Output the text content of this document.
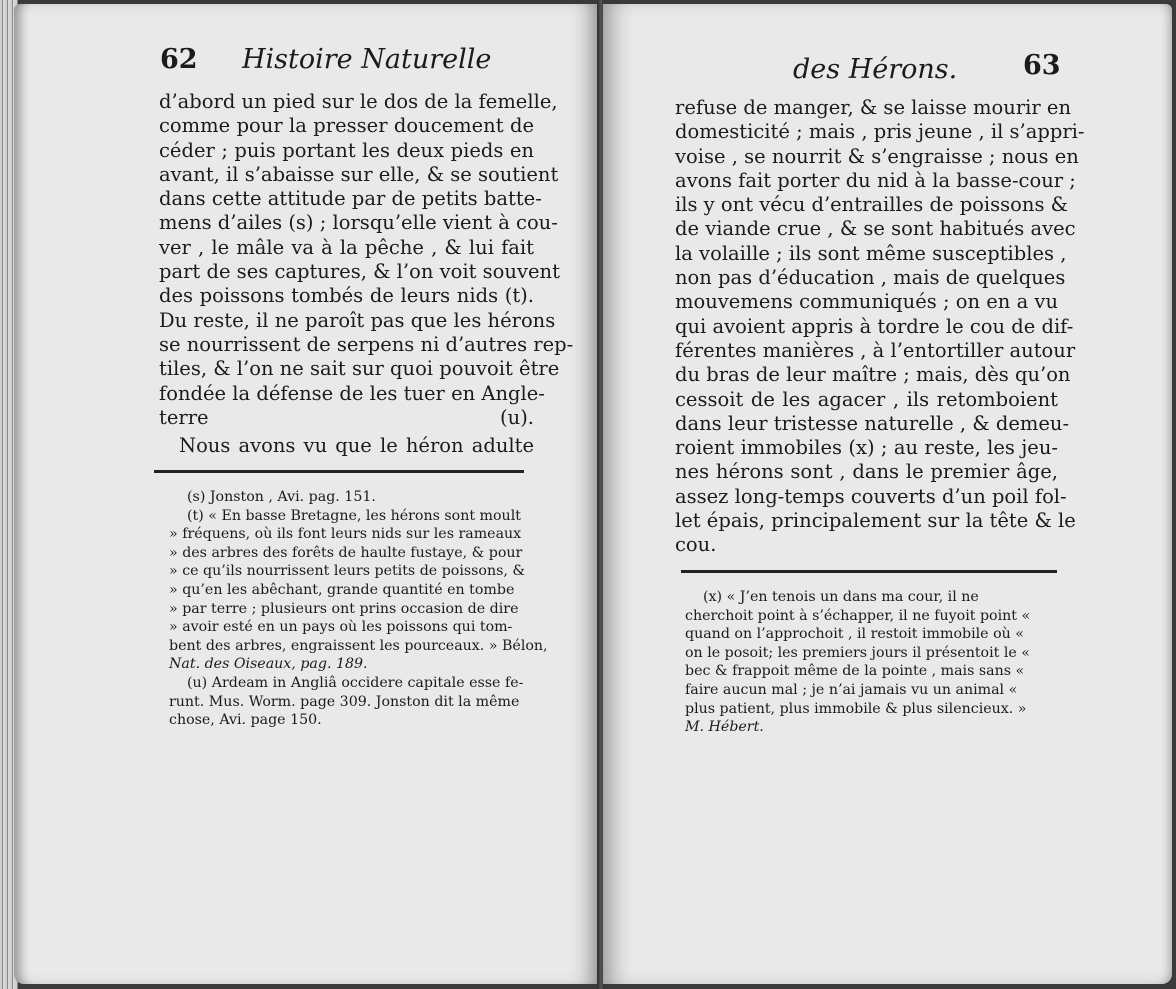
62 Histoire Naturelle
d’abord un pied sur le dos de la femelle,
comme pour la presser doucement de
céder ; puis portant les deux pieds en
avant, il s’abaisse sur elle, & se soutient
dans cette attitude par de petits batte-
mens d’ailes (s) ; lorsqu’elle vient à cou-
ver , le mâle va à la pêche , & lui fait
part de ses captures, & l’on voit souvent
des poissons tombés de leurs nids (t).
Du reste, il ne paroît pas que les hérons
se nourrissent de serpens ni d’autres rep-
tiles, & l’on ne sait sur quoi pouvoit être
fondée la défense de les tuer en Angle-
terre (u).
Nous avons vu que le héron adulte
(s) Jonston , Avi. pag. 151.
(t) « En basse Bretagne, les hérons sont moult
» fréquens, où ils font leurs nids sur les rameaux
» des arbres des forêts de haulte fustaye, & pour
» ce qu’ils nourrissent leurs petits de poissons, &
» qu’en les abêchant, grande quantité en tombe
» par terre ; plusieurs ont prins occasion de dire
» avoir esté en un pays où les poissons qui tom-
bent des arbres, engraissent les pourceaux. » Bélon,
Nat. des Oiseaux, pag. 189.
(u) Ardeam in Angliâ occidere capitale esse fe-
runt. Mus. Worm. page 309. Jonston dit la même
chose, Avi. page 150.
des Hérons. 63
refuse de manger, & se laisse mourir en
domesticité ; mais , pris jeune , il s’appri-
voise , se nourrit & s’engraisse ; nous en
avons fait porter du nid à la basse-cour ;
ils y ont vécu d’entrailles de poissons &
de viande crue , & se sont habitués avec
la volaille ; ils sont même susceptibles ,
non pas d’éducation , mais de quelques
mouvemens communiqués ; on en a vu
qui avoient appris à tordre le cou de dif-
férentes manières , à l’entortiller autour
du bras de leur maître ; mais, dès qu’on
cessoit de les agacer , ils retomboient
dans leur tristesse naturelle , & demeu-
roient immobiles (x) ; au reste, les jeu-
nes hérons sont , dans le premier âge,
assez long-temps couverts d’un poil fol-
let épais, principalement sur la tête & le
cou.
(x) « J’en tenois un dans ma cour, il ne
cherchoit point à s’échapper, il ne fuyoit point «
quand on l’approchoit , il restoit immobile où «
on le posoit; les premiers jours il présentoit le «
bec & frappoit même de la pointe , mais sans «
faire aucun mal ; je n’ai jamais vu un animal «
plus patient, plus immobile & plus silencieux. »
M. Hébert.
